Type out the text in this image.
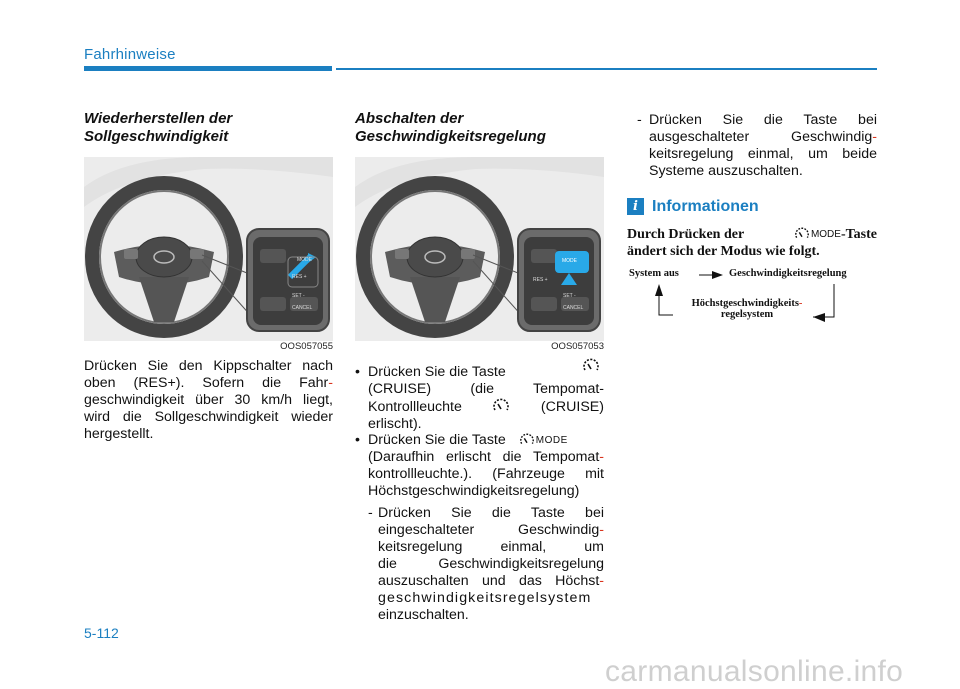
Fahrhinweise
Wiederherstellen der
Sollgeschwindigkeit
MODE
RES +
SET -
CANCEL
OOS057055
Drücken Sie den Kippschalter nach
oben (RES+). Sofern die Fahr-
geschwindigkeit über 30 km/h liegt,
wird die Sollgeschwindigkeit wieder
hergestellt.
Abschalten der
Geschwindigkeitsregelung
MODE
RES +
SET -
CANCEL
OOS057053
• Drücken Sie die Taste
(CRUISE) (die Tempomat-
Kontrollleuchte	(CRUISE)
erlischt).
• Drücken Sie die Taste	MODE
(Daraufhin erlischt die Tempomat-
kontrollleuchte.). (Fahrzeuge mit
Höchstgeschwindigkeitsregelung)
- Drücken Sie die Taste bei
eingeschalteter Geschwindig-
keitsregelung einmal, um
die Geschwindigkeitsregelung
auszuschalten und das Höchst-
geschwindigkeitsregelsystem
einzuschalten.
- Drücken Sie die Taste bei
ausgeschalteter Geschwindig-
keitsregelung einmal, um beide
Systeme auszuschalten.
i Informationen
Durch Drücken der	MODE -Taste
ändert sich der Modus wie folgt.
System aus	Geschwindigkeitsregelung
Höchstgeschwindigkeits-
regelsystem
5-112
carmanualsonline.info
